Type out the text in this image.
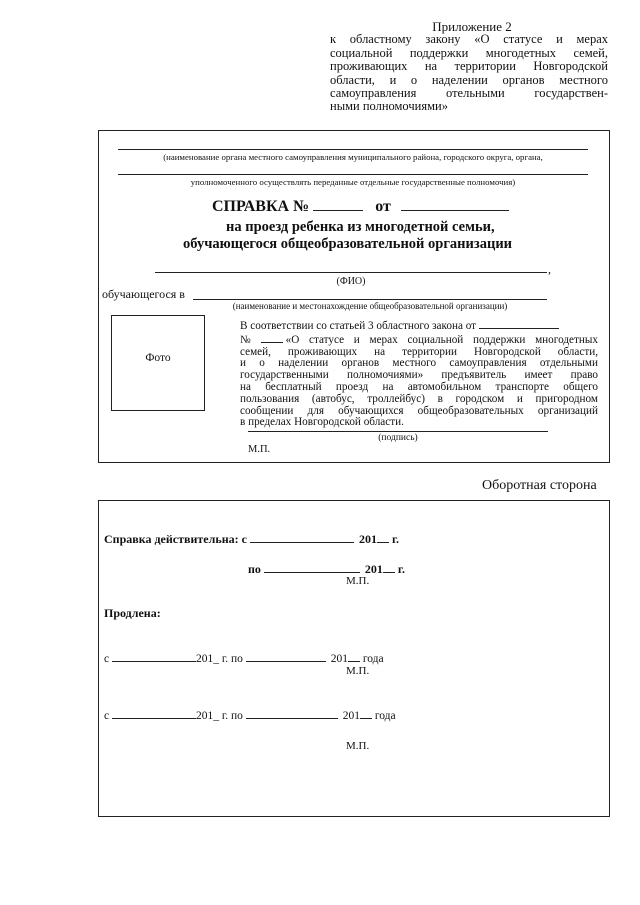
Приложение 2
к областному закону «О статусе и мерах
социальной поддержки многодетных семей,
проживающих на территории Новгородской
области, и о наделении органов местного
самоуправления отельными государствен-
ными полномочиями»
(наименование органа местного самоуправления муниципального района, городского округа, органа,
уполномоченного осуществлять переданные отдельные государственные полномочия)
СПРАВКА №	от
на проезд ребенка из многодетной семьи,
обучающегося общеобразовательной организации
,
(ФИО)
обучающегося в
(наименование и местонахождение общеобразовательной организации)
Фото
В соответствии со статьей 3 областного закона от
№	«О статусе и мерах социальной поддержки многодетных
семей, проживающих на территории Новгородской области,
и о наделении органов местного самоуправления отдельными
государственными полномочиями» предъявитель имеет право
на бесплатный проезд на автомобильном транспорте общего
пользования (автобус, троллейбус) в городском и пригородном
сообщении для обучающихся общеобразовательных организаций
в пределах Новгородской области.
(подпись)
М.П.
Оборотная сторона
Справка действительна: с	201 г.
по	201 г.
М.П.
Продлена:
с	201_ г. по	201 года
М.П.
с	201_ г. по	201 года
М.П.
